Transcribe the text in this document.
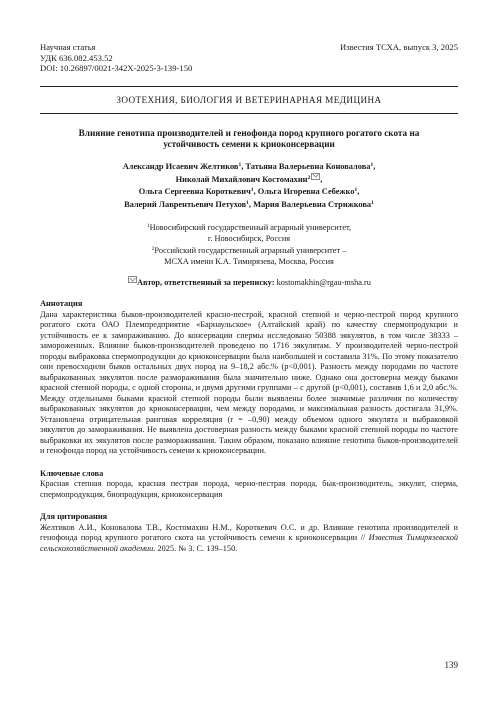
Научная статья
УДК 636.082.453.52
DOI: 10.26897/0021-342X-2025-3-139-150
Известия ТСХА, выпуск 3, 2025
ЗООТЕХНИЯ, БИОЛОГИЯ И ВЕТЕРИНАРНАЯ МЕДИЦИНА
Влияние генотипа производителей и генофонда пород крупного рогатого скота на устойчивость семени к криоконсервации
Александр Исаевич Желтиков$^1$, Татьяна Валерьевна Коновалова$^1$,
Николай Михайлович Костомахин$^2$ ,
Ольга Сергеевна Короткевич$^1$, Ольга Игоревна Себежко$^1$,
Валерий Лаврентьевич Петухов$^1$, Мария Валерьевна Стрижкова$^1$
$^1$Новосибирский государственный аграрный университет,
г. Новосибирск, Россия
$^2$Российский государственный аграрный университет –
МСХА имени К.А. Тимирязева, Москва, Россия
Автор, ответственный за переписку: kostomakhin@rgau-msha.ru
Аннотация
Дана характеристика быков-производителей красно-пестрой, красной степной и черно-пестрой пород крупного рогатого скота ОАО Племпредприятие «Барнаульское» (Алтайский край) по качеству спермопродукции и устойчивость ее к замораживанию. До консервации спермы исследовано 50388 эякулятов, в том числе 38333 – замороженных. Влияние быков-производителей проведено по 1716 эякулятам. У производителей черно-пестрой породы выбраковка спермопродукции до криоконсервации была наибольшей и составила 31%. По этому показателю они превосходили быков остальных двух пород на 9–18,2 абс.% (p<0,001). Разность между породами по частоте выбракованных эякулятов после размораживания была значительно ниже. Однако она достоверна между быками красной степной породы, с одной стороны, и двумя другими группами – с другой (p<0,001), составив 1,6 и 2,0 абс.%. Между отдельными быками красной степной породы были выявлены более значимые различия по количеству выбракованных эякулятов до криоконсервации, чем между породами, и максимальная разность достигала 31,9%. Установлена отрицательная ранговая корреляция (r = –0,90) между объемом одного эякулята и выбраковкой эякулятов до замораживания. Не выявлена достоверная разность между быками красной степной породы по частоте выбраковки их эякулятов после размораживания. Таким образом, показано влияние генотипа быков-производителей и генофонда пород на устойчивость семени к криоконсервации.
Ключевые слова
Красная степная порода, красная пестрая порода, черно-пестрая порода, бык-производитель, эякулят, сперма, спермопродукция, биопродукция, криоконсервация
Для цитирования
Желтиков А.И., Коновалова Т.В., Костомахин Н.М., Короткевич О.С. и др. Влияние генотипа производителей и генофонда пород крупного рогатого скота на устойчивость семени к криоконсервации // Известия Тимирязевской сельскохозяйственной академии. 2025. № 3. С. 139–150.
139
